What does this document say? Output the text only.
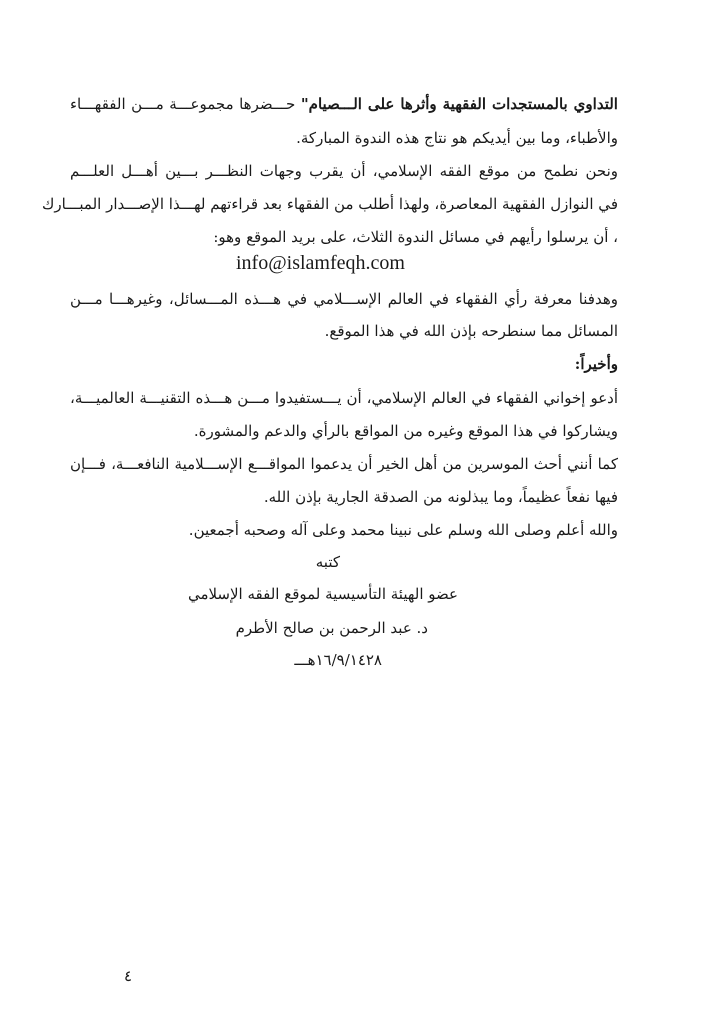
التداوي بالمستجدات الفقهية وأثرها على الـــصيام" حـــضرها مجموعـــة مـــن الفقهـــاء
والأطباء، وما بين أيديكم هو نتاج هذه الندوة المباركة.
ونحن نطمح من موقع الفقه الإسلامي، أن يقرب وجهات النظـــر بـــين أهـــل العلـــم
في النوازل الفقهية المعاصرة، ولهذا أطلب من الفقهاء بعد قراءتهم لهـــذا الإصـــدار المبـــارك
، أن يرسلوا رأيهم في مسائل الندوة الثلاث، على بريد الموقع وهو:
info@islamfeqh.com
وهدفنا معرفة رأي الفقهاء في العالم الإســـلامي في هـــذه المـــسائل، وغيرهـــا مـــن
المسائل مما سنطرحه بإذن الله في هذا الموقع.
وأخيراً:
أدعو إخواني الفقهاء في العالم الإسلامي، أن يـــستفيدوا مـــن هـــذه التقنيـــة العالميـــة،
ويشاركوا في هذا الموقع وغيره من المواقع بالرأي والدعم والمشورة.
كما أنني أحث الموسرين من أهل الخير أن يدعموا المواقـــع الإســـلامية النافعـــة، فـــإن
فيها نفعاً عظيماً، وما يبذلونه من الصدقة الجارية بإذن الله.
والله أعلم وصلى الله وسلم على نبينا محمد وعلى آله وصحبه أجمعين.
كتبه
عضو الهيئة التأسيسية لموقع الفقه الإسلامي
د. عبد الرحمن بن صالح الأطرم
١٦/٩/١٤٢٨هـــ
٤
